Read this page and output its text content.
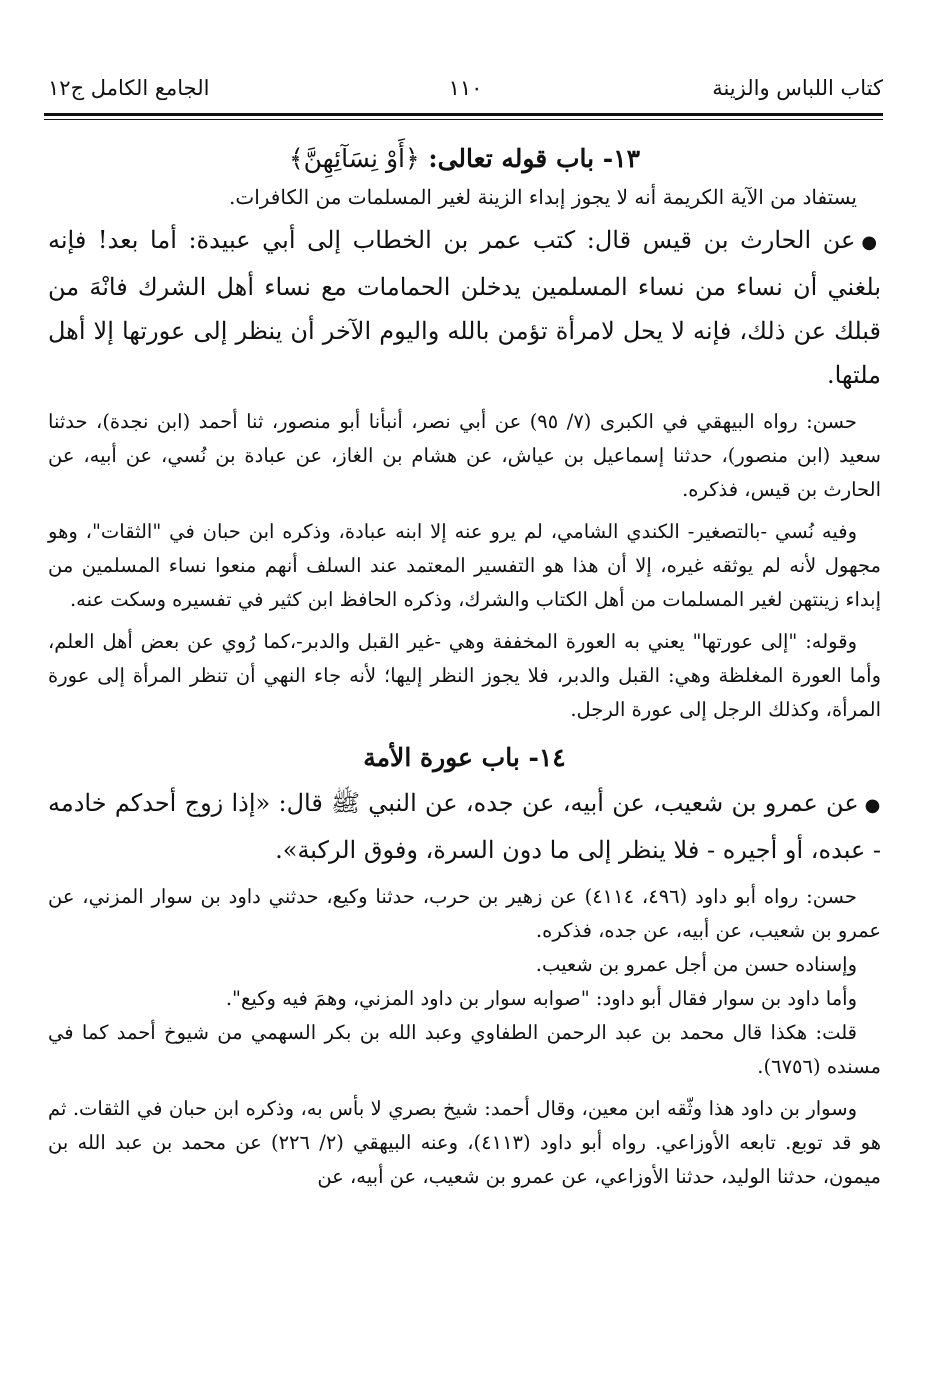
كتاب اللباس والزينة
١١٠
الجامع الكامل ج١٢

١٣- باب قوله تعالى: ﴿أَوْ نِسَآئِهِنَّ﴾

يستفاد من الآية الكريمة أنه لا يجوز إبداء الزينة لغير المسلمات من الكافرات.

●عن الحارث بن قيس قال: كتب عمر بن الخطاب إلى أبي عبيدة: أما بعد! فإنه بلغني أن نساء من نساء المسلمين يدخلن الحمامات مع نساء أهل الشرك فانْهَ من قبلك عن ذلك، فإنه لا يحل لامرأة تؤمن بالله واليوم الآخر أن ينظر إلى عورتها إلا أهل ملتها.

حسن: رواه البيهقي في الكبرى (٧/ ٩٥) عن أبي نصر، أنبأنا أبو منصور، ثنا أحمد (ابن نجدة)، حدثنا سعيد (ابن منصور)، حدثنا إسماعيل بن عياش، عن هشام بن الغاز، عن عبادة بن نُسي، عن أبيه، عن الحارث بن قيس، فذكره.

وفيه نُسي -بالتصغير- الكندي الشامي، لم يرو عنه إلا ابنه عبادة، وذكره ابن حبان في "الثقات"، وهو مجهول لأنه لم يوثقه غيره، إلا أن هذا هو التفسير المعتمد عند السلف أنهم منعوا نساء المسلمين من إبداء زينتهن لغير المسلمات من أهل الكتاب والشرك، وذكره الحافظ ابن كثير في تفسيره وسكت عنه.

وقوله: "إلى عورتها" يعني به العورة المخففة وهي -غير القبل والدبر-،كما رُوي عن بعض أهل العلم، وأما العورة المغلظة وهي: القبل والدبر، فلا يجوز النظر إليها؛ لأنه جاء النهي أن تنظر المرأة إلى عورة المرأة، وكذلك الرجل إلى عورة الرجل.

١٤- باب عورة الأمة

●عن عمرو بن شعيب، عن أبيه، عن جده، عن النبي ﷺ قال: «إذا زوج أحدكم خادمه - عبده، أو أجيره - فلا ينظر إلى ما دون السرة، وفوق الركبة».

حسن: رواه أبو داود (٤٩٦، ٤١١٤) عن زهير بن حرب، حدثنا وكيع، حدثني داود بن سوار المزني، عن عمرو بن شعيب، عن أبيه، عن جده، فذكره.

وإسناده حسن من أجل عمرو بن شعيب.

وأما داود بن سوار فقال أبو داود: "صوابه سوار بن داود المزني، وهمَ فيه وكيع".

قلت: هكذا قال محمد بن عبد الرحمن الطفاوي وعبد الله بن بكر السهمي من شيوخ أحمد كما في مسنده (٦٧٥٦).

وسوار بن داود هذا وثّقه ابن معين، وقال أحمد: شيخ بصري لا بأس به، وذكره ابن حبان في الثقات. ثم هو قد توبع. تابعه الأوزاعي. رواه أبو داود (٤١١٣)، وعنه البيهقي (٢/ ٢٢٦) عن محمد بن عبد الله بن ميمون، حدثنا الوليد، حدثنا الأوزاعي، عن عمرو بن شعيب، عن أبيه، عن
